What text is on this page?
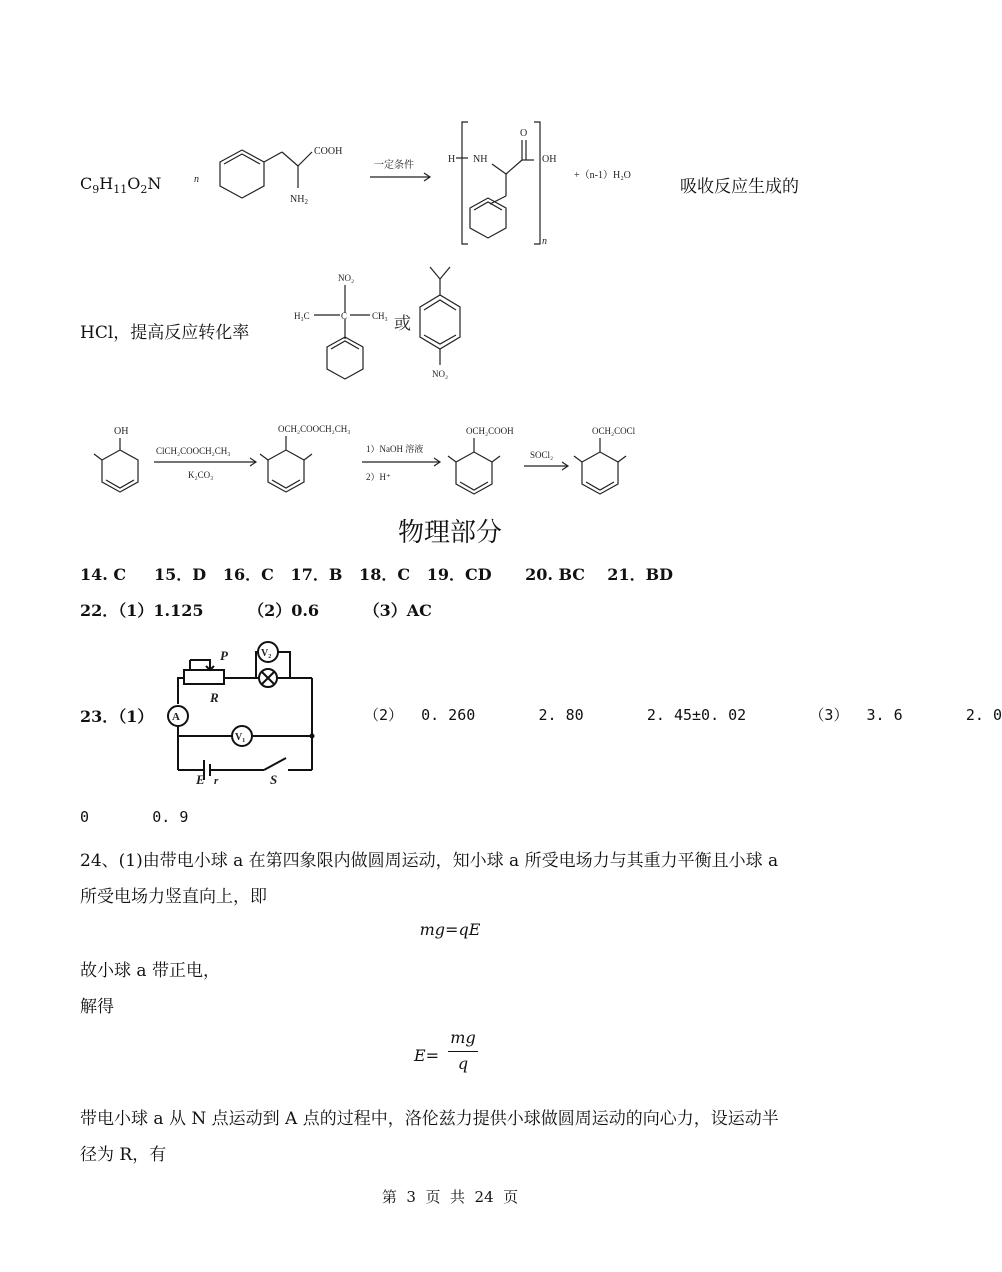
$C_9H_{11}O_2N$	n
COOH
$NH_2$
一定条件
H NH
O
OH
n
+（n-1）H₂O
吸收反应生成的
HCl，提高反应转化率
NO₂
H₃C	C	CH₃ 或
NO₂
OH
ClCH₂COOCH₂CH₃
K₂CO₃
OCH₂COOCH₂CH₃
1）NaOH 溶液
2）H⁺
OCH₂COOH
SOCl₂
OCH₂COCl
物理部分
14. C     15．D   16．C   17．B   18．C   19．CD      20. BC    21．BD
22．（1）1.125        （2）0.6        （3）AC
23．（1）
P
R
V₂
A
V₁
E r	S
（2）  0. 260       2. 80       2. 45±0. 02       （3）  3. 6       2. 0
0       0. 9
24、(1)由带电小球 a 在第四象限内做圆周运动，知小球 a 所受电场力与其重力平衡且小球 a
所受电场力竖直向上，即
mg=qE
故小球 a 带正电，
解得
E=
mg
q
带电小球 a 从 N 点运动到 A 点的过程中，洛伦兹力提供小球做圆周运动的向心力，设运动半
径为 R，有
第  3  页  共  24  页
